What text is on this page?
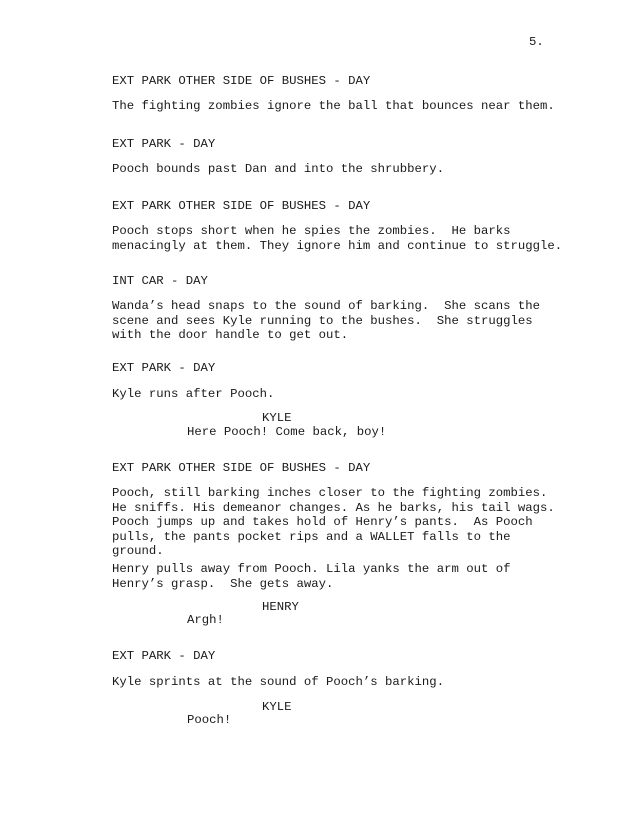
5.
EXT PARK OTHER SIDE OF BUSHES - DAY
The fighting zombies ignore the ball that bounces near them.
EXT PARK - DAY
Pooch bounds past Dan and into the shrubbery.
EXT PARK OTHER SIDE OF BUSHES - DAY
Pooch stops short when he spies the zombies.  He barks
menacingly at them. They ignore him and continue to struggle.
INT CAR - DAY
Wanda’s head snaps to the sound of barking.  She scans the
scene and sees Kyle running to the bushes.  She struggles
with the door handle to get out.
EXT PARK - DAY
Kyle runs after Pooch.
KYLE
Here Pooch! Come back, boy!
EXT PARK OTHER SIDE OF BUSHES - DAY
Pooch, still barking inches closer to the fighting zombies.
He sniffs. His demeanor changes. As he barks, his tail wags.
Pooch jumps up and takes hold of Henry’s pants.  As Pooch
pulls, the pants pocket rips and a WALLET falls to the
ground.
Henry pulls away from Pooch. Lila yanks the arm out of
Henry’s grasp.  She gets away.
HENRY
Argh!
EXT PARK - DAY
Kyle sprints at the sound of Pooch’s barking.
KYLE
Pooch!
